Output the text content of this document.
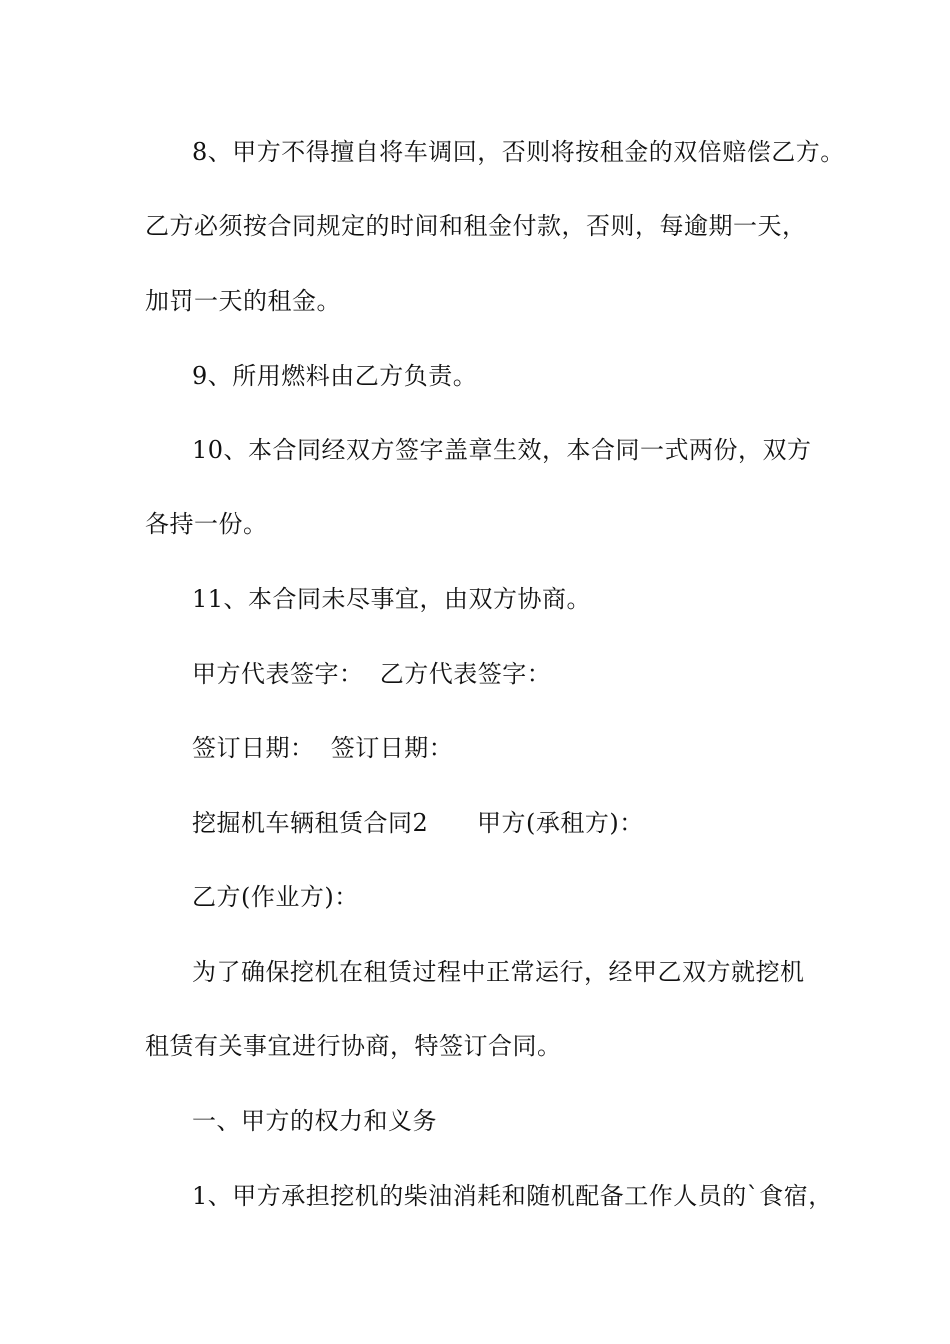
8、甲方不得擅自将车调回，否则将按租金的双倍赔偿乙方。
乙方必须按合同规定的时间和租金付款，否则，每逾期一天，
加罚一天的租金。
9、所用燃料由乙方负责。
10、本合同经双方签字盖章生效，本合同一式两份，双方
各持一份。
11、本合同未尽事宜，由双方协商。
甲方代表签字：  乙方代表签字：
签订日期：  签订日期：
挖掘机车辆租赁合同2      甲方(承租方)：
乙方(作业方)：
为了确保挖机在租赁过程中正常运行，经甲乙双方就挖机
租赁有关事宜进行协商，特签订合同。
一、甲方的权力和义务
1、甲方承担挖机的柴油消耗和随机配备工作人员的`食宿，
